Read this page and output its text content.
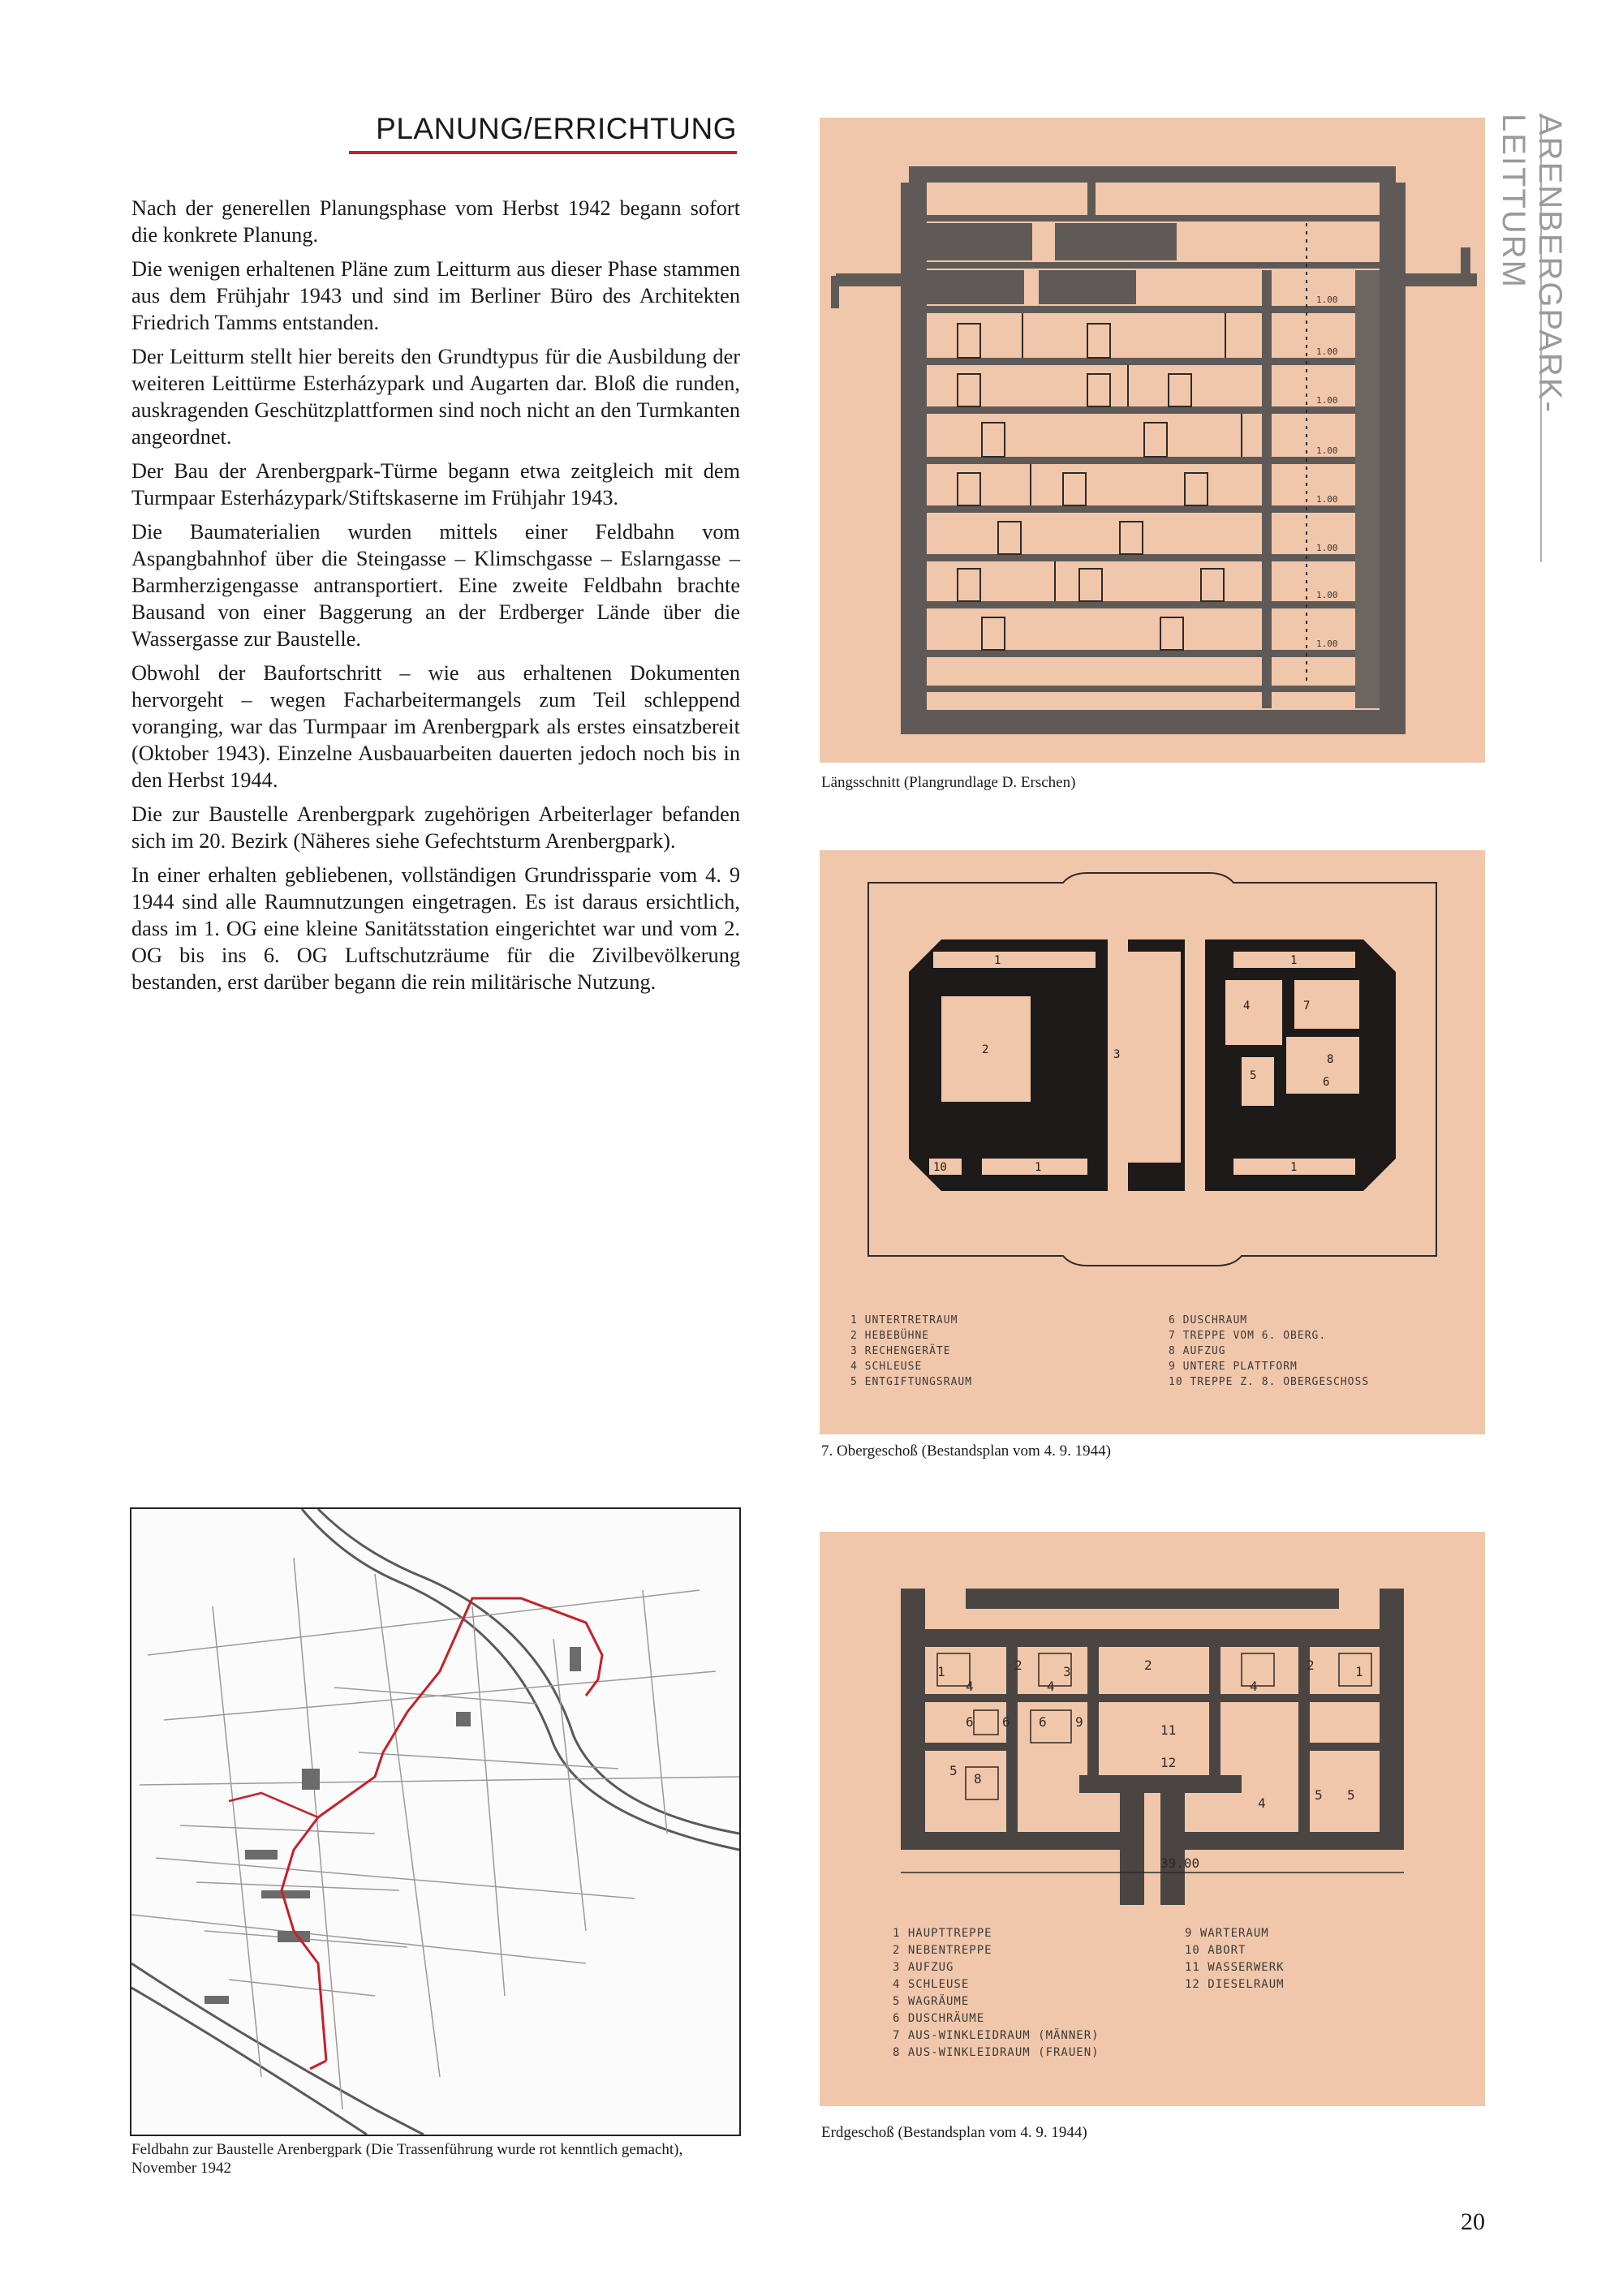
PLANUNG/ERRICHTUNG	ARENBERGPARK-LEITTURM

Nach der generellen Planungsphase vom Herbst 1942 begann sofort die konkrete Planung.

Die wenigen erhaltenen Pläne zum Leitturm aus dieser Phase stammen aus dem Frühjahr 1943 und sind im Berliner Büro des Architekten Friedrich Tamms entstanden.

Der Leitturm stellt hier bereits den Grundtypus für die Ausbildung der weiteren Leittürme Esterházypark und Augarten dar. Bloß die runden, auskragenden Geschützplattformen sind noch nicht an den Turmkanten angeordnet.

Der Bau der Arenbergpark-Türme begann etwa zeitgleich mit dem Turmpaar Esterházypark/Stiftskaserne im Frühjahr 1943.

Die Baumaterialien wurden mittels einer Feldbahn vom Aspangbahnhof über die Steingasse – Klimschgasse – Eslarngasse – Barmherzigengasse antransportiert. Eine zweite Feldbahn brachte Bausand von einer Baggerung an der Erdberger Lände über die Wassergasse zur Baustelle.

Obwohl der Baufortschritt – wie aus erhaltenen Dokumenten hervorgeht – wegen Facharbeitermangels zum Teil schleppend voranging, war das Turmpaar im Arenbergpark als erstes einsatzbereit (Oktober 1943). Einzelne Ausbauarbeiten dauerten jedoch noch bis in den Herbst 1944.

Die zur Baustelle Arenbergpark zugehörigen Arbeiterlager befanden sich im 20. Bezirk (Näheres siehe Gefechtsturm Arenbergpark).

In einer erhalten gebliebenen, vollständigen Grundrissparie vom 4. 9 1944 sind alle Raumnutzungen eingetragen. Es ist daraus ersichtlich, dass im 1. OG eine kleine Sanitätsstation eingerichtet war und vom 2. OG bis ins 6. OG Luftschutzräume für die Zivilbevölkerung bestanden, erst darüber begann die rein militärische Nutzung.

1.00
1.00
1.00
1.00
1.00
1.00
1.00
1.00
Längsschnitt (Plangrundlage D. Erschen)
1	1
1	1
2	3
4
5	6
7
8
10
1 UNTERTRETRAUM
2 HEBEBÜHNE
3 RECHENGERÄTE
4 SCHLEUSE
5 ENTGIFTUNGSRAUM
6 DUSCHRAUM
7 TREPPE VOM 6. OBERG.
8 AUFZUG
9 UNTERE PLATTFORM
10 TREPPE Z. 8. OBERGESCHOSS
7. Obergeschoß (Bestandsplan vom 4. 9. 1944)
Feldbahn zur Baustelle Arenbergpark (Die Trassenführung wurde rot kenntlich gemacht), November 1942
39.00
1	1
2	2	2
3
4	4	4
4
5
5 5
6 6 6
8
9
11
12
1 HAUPTTREPPE
2 NEBENTREPPE
3 AUFZUG
4 SCHLEUSE
5 WAGRÄUME
6 DUSCHRÄUME
7 AUS-WINKLEIDRAUM (MÄNNER)
8 AUS-WINKLEIDRAUM (FRAUEN)
9 WARTERAUM
10 ABORT
11 WASSERWERK
12 DIESELRAUM
Erdgeschoß (Bestandsplan vom 4. 9. 1944)
20
